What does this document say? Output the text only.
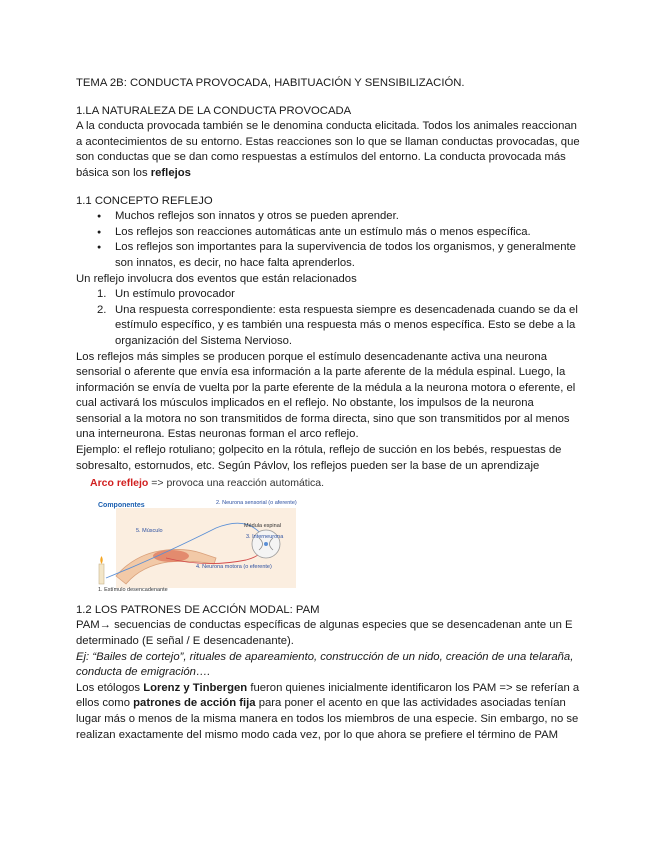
TEMA 2B: CONDUCTA PROVOCADA, HABITUACIÓN Y SENSIBILIZACIÓN.

1.LA NATURALEZA DE LA CONDUCTA PROVOCADA

A la conducta provocada también se le denomina conducta elicitada. Todos los animales reaccionan a acontecimientos de su entorno. Estas reacciones son lo que se llaman conductas provocadas, que son conductas que se dan como respuestas a estímulos del entorno. La conducta provocada más básica son los reflejos

1.1 CONCEPTO REFLEJO

● Muchos reflejos son innatos y otros se pueden aprender.
● Los reflejos son reacciones automáticas ante un estímulo más o menos específica.
● Los reflejos son importantes para la supervivencia de todos los organismos, y generalmente son innatos, es decir, no hace falta aprenderlos.

Un reflejo involucra dos eventos que están relacionados

1. Un estímulo provocador
2. Una respuesta correspondiente: esta respuesta siempre es desencadenada cuando se da el estímulo específico, y es también una respuesta más o menos específica. Esto se debe a la organización del Sistema Nervioso.

Los reflejos más simples se producen porque el estímulo desencadenante activa una neurona sensorial o aferente que envía esa información a la parte aferente de la médula espinal. Luego, la información se envía de vuelta por la parte eferente de la médula a la neurona motora o eferente, el cual activará los músculos implicados en el reflejo. No obstante, los impulsos de la neurona sensorial a la motora no son transmitidos de forma directa, sino que son transmitidos por al menos una interneurona. Estas neuronas forman el arco reflejo.

Ejemplo: el reflejo rotuliano; golpecito en la rótula, reflejo de succión en los bebés, respuestas de sobresalto, estornudos, etc. Según Pávlov, los reflejos pueden ser la base de un aprendizaje

Arco reflejo => provoca una reacción automática.

Componentes	2. Neurona sensorial (o aferente)
Médula espinal
3. Interneurona
5. Músculo
4. Neurona motora (o eferente)
1. Estímulo desencadenante

1.2 LOS PATRONES DE ACCIÓN MODAL: PAM

PAM→ secuencias de conductas específicas de algunas especies que se desencadenan ante un E determinado (E señal / E desencadenante).

Ej: “Bailes de cortejo”, rituales de apareamiento, construcción de un nido, creación de una telaraña, conducta de emigración….

Los etólogos Lorenz y Tinbergen fueron quienes inicialmente identificaron los PAM => se referían a ellos como patrones de acción fija para poner el acento en que las actividades asociadas tenían lugar más o menos de la misma manera en todos los miembros de una especie. Sin embargo, no se realizan exactamente del mismo modo cada vez, por lo que ahora se prefiere el término de PAM
